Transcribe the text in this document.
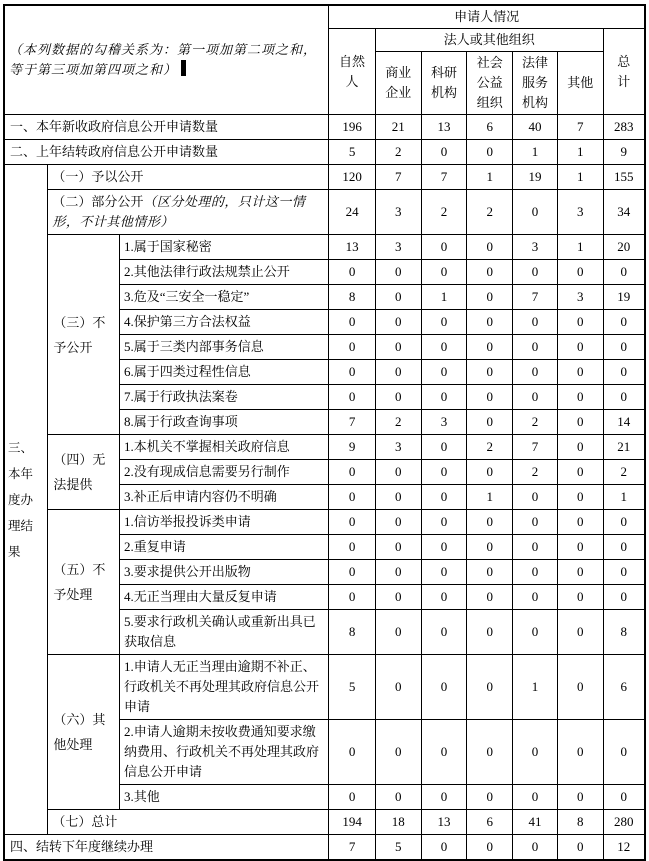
（本列数据的勾稽关系为：第一项加第二项之和，等于第三项加第四项之和）			申请人情况						
			自然人	法人或其他组织					总计
				商业企业	科研机构	社会公益组织	法律服务机构	其他	
一、本年新收政府信息公开申请数量			196	21	13	6	40	7	283
二、上年结转政府信息公开申请数量			5	2	0	0	1	1	9
三、本年度办理结果	（一）予以公开		120	7	7	1	19	1	155
	（二）部分公开（区分处理的，只计这一情形，不计其他情形）		24	3	2	2	0	3	34
	（三）不予公开	1.属于国家秘密	13	3	0	0	3	1	20
		2.其他法律行政法规禁止公开	0	0	0	0	0	0	0
		3.危及“三安全一稳定”	8	0	1	0	7	3	19
		4.保护第三方合法权益	0	0	0	0	0	0	0
		5.属于三类内部事务信息	0	0	0	0	0	0	0
		6.属于四类过程性信息	0	0	0	0	0	0	0
		7.属于行政执法案卷	0	0	0	0	0	0	0
		8.属于行政查询事项	7	2	3	0	2	0	14
	（四）无法提供	1.本机关不掌握相关政府信息	9	3	0	2	7	0	21
		2.没有现成信息需要另行制作	0	0	0	0	2	0	2
		3.补正后申请内容仍不明确	0	0	0	1	0	0	1
	（五）不予处理	1.信访举报投诉类申请	0	0	0	0	0	0	0
		2.重复申请	0	0	0	0	0	0	0
		3.要求提供公开出版物	0	0	0	0	0	0	0
		4.无正当理由大量反复申请	0	0	0	0	0	0	0
		5.要求行政机关确认或重新出具已获取信息	8	0	0	0	0	0	8
	（六）其他处理	1.申请人无正当理由逾期不补正、行政机关不再处理其政府信息公开申请	5	0	0	0	1	0	6
		2.申请人逾期未按收费通知要求缴纳费用、行政机关不再处理其政府信息公开申请	0	0	0	0	0	0	0
		3.其他	0	0	0	0	0	0	0
	（七）总计		194	18	13	6	41	8	280
四、结转下年度继续办理			7	5	0	0	0	0	12
